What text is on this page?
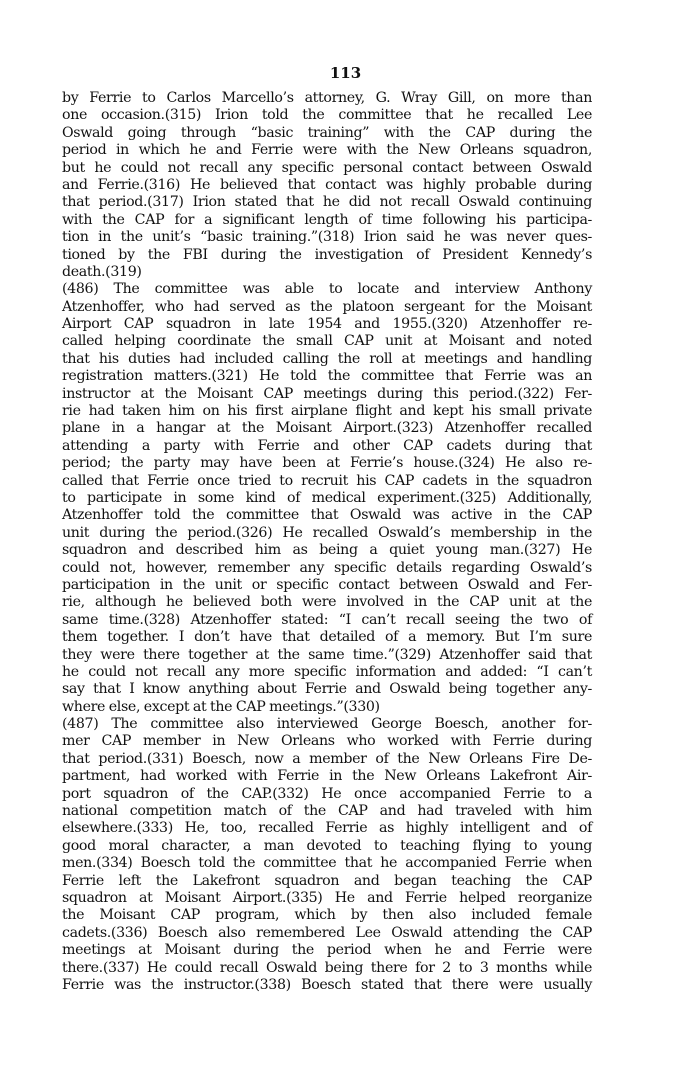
113
by Ferrie to Carlos Marcello’s attorney, G. Wray Gill, on more than
one occasion.(315) Irion told the committee that he recalled Lee
Oswald going through “basic training” with the CAP during the
period in which he and Ferrie were with the New Orleans squadron,
but he could not recall any specific personal contact between Oswald
and Ferrie.(316) He believed that contact was highly probable during
that period.(317) Irion stated that he did not recall Oswald continuing
with the CAP for a significant length of time following his participa-
tion in the unit’s “basic training.”(318) Irion said he was never ques-
tioned by the FBI during the investigation of President Kennedy’s
death.(319)
(486) The committee was able to locate and interview Anthony
Atzenhoffer, who had served as the platoon sergeant for the Moisant
Airport CAP squadron in late 1954 and 1955.(320) Atzenhoffer re-
called helping coordinate the small CAP unit at Moisant and noted
that his duties had included calling the roll at meetings and handling
registration matters.(321) He told the committee that Ferrie was an
instructor at the Moisant CAP meetings during this period.(322) Fer-
rie had taken him on his first airplane flight and kept his small private
plane in a hangar at the Moisant Airport.(323) Atzenhoffer recalled
attending a party with Ferrie and other CAP cadets during that
period; the party may have been at Ferrie’s house.(324) He also re-
called that Ferrie once tried to recruit his CAP cadets in the squadron
to participate in some kind of medical experiment.(325) Additionally,
Atzenhoffer told the committee that Oswald was active in the CAP
unit during the period.(326) He recalled Oswald’s membership in the
squadron and described him as being a quiet young man.(327) He
could not, however, remember any specific details regarding Oswald’s
participation in the unit or specific contact between Oswald and Fer-
rie, although he believed both were involved in the CAP unit at the
same time.(328) Atzenhoffer stated: “I can’t recall seeing the two of
them together. I don’t have that detailed of a memory. But I’m sure
they were there together at the same time.”(329) Atzenhoffer said that
he could not recall any more specific information and added: “I can’t
say that I know anything about Ferrie and Oswald being together any-
where else, except at the CAP meetings.”(330)
(487) The committee also interviewed George Boesch, another for-
mer CAP member in New Orleans who worked with Ferrie during
that period.(331) Boesch, now a member of the New Orleans Fire De-
partment, had worked with Ferrie in the New Orleans Lakefront Air-
port squadron of the CAP.(332) He once accompanied Ferrie to a
national competition match of the CAP and had traveled with him
elsewhere.(333) He, too, recalled Ferrie as highly intelligent and of
good moral character, a man devoted to teaching flying to young
men.(334) Boesch told the committee that he accompanied Ferrie when
Ferrie left the Lakefront squadron and began teaching the CAP
squadron at Moisant Airport.(335) He and Ferrie helped reorganize
the Moisant CAP program, which by then also included female
cadets.(336) Boesch also remembered Lee Oswald attending the CAP
meetings at Moisant during the period when he and Ferrie were
there.(337) He could recall Oswald being there for 2 to 3 months while
Ferrie was the instructor.(338) Boesch stated that there were usually
